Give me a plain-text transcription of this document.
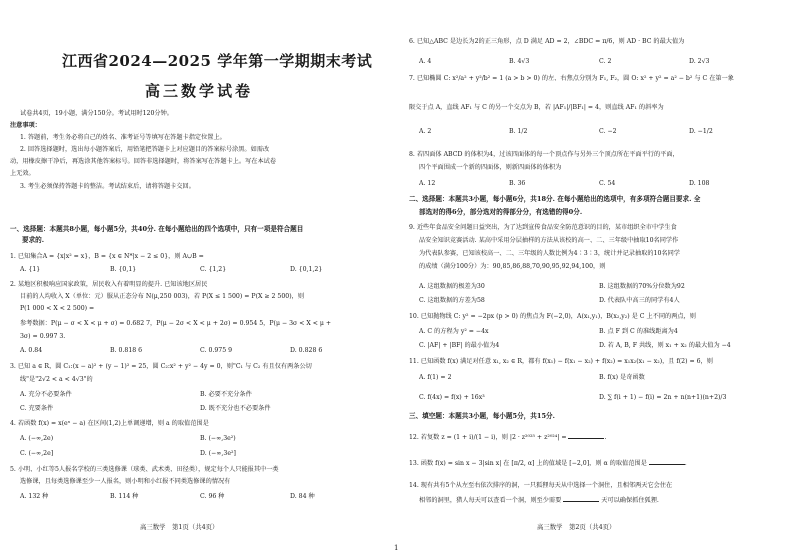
江西省2024—2025 学年第一学期期末考试
高三数学试卷
试卷共4页，19小题，满分150分。考试用时120分钟。
注意事项：
1. 答题前，考生务必将自己的姓名、准考证号等填写在答题卡指定位置上。
2. 回答选择题时，选出每小题答案后，用铅笔把答题卡上对应题目的答案标号涂黑。如需改
动，用橡皮擦干净后，再选涂其他答案标号。回答非选择题时，将答案写在答题卡上。写在本试卷
上无效。
3. 考生必须保持答题卡的整洁。考试结束后，请将答题卡交回。
一、选择题：本题共8小题，每小题5分，共40分. 在每小题给出的四个选项中，只有一项是符合题目
要求的.
1. 已知集合A = {x|x² = x}，B = {x ∈ N*|x − 2 ≤ 0}，则 A∪B =
A. {1}	B. {0,1}	C. {1,2}	D. {0,1,2}
2. 某地区积极响应国家政策，居民收入有着明显的提升. 已知该地区居民
目前的人均收入 X（单位：元）服从正态分布 N(μ,250 003)，若 P(X ≤ 1 500) = P(X ≥ 2 500)，则
P(1 000 < X < 2 500) =
参考数据：P(μ − σ < X < μ + σ) = 0.682 7，P(μ − 2σ < X < μ + 2σ) = 0.954 5，P(μ − 3σ < X < μ +
3σ) = 0.997 3.
A. 0.84	B. 0.818 6	C. 0.975 9	D. 0.828 6
3. 已知 a ∈ R，圆 C₁:(x − a)² + (y − 1)² = 25，圆 C₂:x² + y² − 4y = 0，则"C₁ 与 C₂ 有且仅有两条公切
线"是"2√2 < a < 4√3"的
A. 充分不必要条件	B. 必要不充分条件
C. 充要条件	D. 既不充分也不必要条件
4. 若函数 f(x) = x(eˣ − a) 在区间(1,2)上单调递增，则 a 的取值范围是
A. (−∞,2e)	B. (−∞,3e²)
C. (−∞,2e]	D. (−∞,3e²]
5. 小明、小红等5人报名学校的三类选修课（球类、武术类、田径类），规定每个人只能报其中一类
选修课，且每类选修课至少一人报名，则小明和小红报不同类选修课的情况有
A. 132 种	B. 114 种	C. 96 种	D. 84 种
高三数学　第1页（共4页）
6. 已知△ABC 是边长为2的正三角形，点 D 满足 AD = 2，∠BDC = π/6，则 AD · BC 的最大值为
A. 4	B. 4√3	C. 2	D. 2√3
7. 已知椭圆 C: x²/a² + y²/b² = 1 (a > b > 0) 的左、右焦点分别为 F₁, F₂，圆 O: x² + y² = a² − b² 与 C 在第一象
限交于点 A，直线 AF₁ 与 C 的另一个交点为 B，若 |AF₁|/|BF₁| = 4，则直线 AF₁ 的斜率为
A. 2	B. 1/2	C. −2	D. −1/2
8. 若四面体 ABCD 的体积为4，过该四面体的每一个顶点作与另外三个顶点所在平面平行的平面，
四个平面围成一个新的四面体，则新四面体的体积为
A. 12	B. 36	C. 54	D. 108
二、选择题：本题共3小题，每小题6分，共18分. 在每小题给出的选项中，有多项符合题目要求. 全
部选对的得6分，部分选对的得部分分，有选错的得0分.
9. 近些年食品安全问题日益突出，为了达到宣传食品安全防范意识的目的，某市组织全市中学生食
品安全知识竞赛活动. 某高中采用分层抽样的方法从该校的高一、二、三年级中抽取10名同学作
为代表队参赛，已知该校高一、二、三年级的人数比例为4∶3∶3，统计并记录抽取的10名同学
的成绩（满分100分）为：90,85,86,88,70,90,95,92,94,100，则
A. 这组数据的极差为30	B. 这组数据的70%分位数为92
C. 这组数据的方差为58	D. 代表队中高三的同学有4人
10. 已知抛物线 C: y² = −2px (p > 0) 的焦点为 F(−2,0)，A(x₁,y₁)，B(x₂,y₂) 是 C 上不同的两点，则
A. C 的方程为 y² = −4x	B. 点 F 到 C 的准线距离为4
C. |AF| + |BF| 的最小值为4	D. 若 A, B, F 共线，则 x₁ + x₂ 的最大值为 −4
11. 已知函数 f(x) 满足对任意 x₁, x₂ ∈ R，都有 f(x₁) − f(x₁ − x₂) + f(x₂) = x₁x₂(x₁ − x₂)，且 f(2) = 6，则
A. f(1) = 2	B. f(x) 是奇函数
C. f(4x) = f(x) + 16x³	D. ∑ f(i + 1) − f(i) = 2n + n(n+1)(n+2)/3
三、填空题：本题共3小题，每小题5分，共15分.
12. 若复数 z = (1 + i)/(1 − i)，则 |2 · z²⁰²⁵ + z²⁰²⁴| =	.
13. 函数 f(x) = sin x − 3|sin x| 在 [π/2, α] 上的值域是 [−2,0]，则 α 的取值范围是	.
14. 现有共有5个从左至右依次排序的洞，一只狐狸每天从中选择一个洞住，且相邻两天它会住在
相邻的洞里，猎人每天可以查看一个洞，则至少需要	天可以确保抓住狐狸.
高三数学　第2页（共4页）
1
